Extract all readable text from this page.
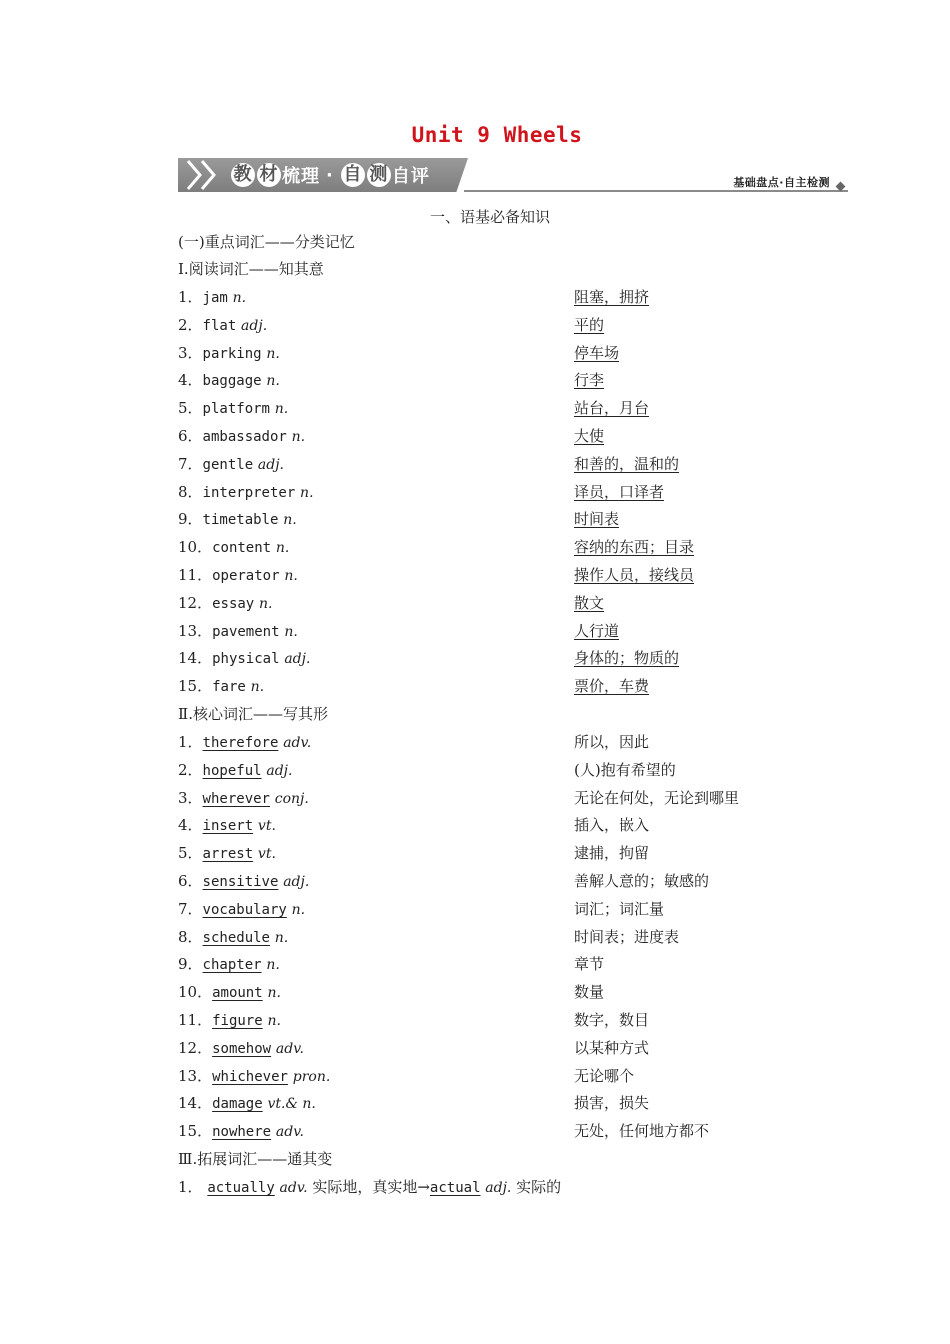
Unit 9 Wheels
教 材 梳理 · 自 测 自评	基础盘点·自主检测
一、语基必备知识
(一)重点词汇——分类记忆
Ⅰ.阅读词汇——知其意
1．jam n.	阻塞，拥挤
2．flat adj.	平的
3．parking n.	停车场
4．baggage n.	行李
5．platform n.	站台，月台
6．ambassador n.	大使
7．gentle adj.	和善的，温和的
8．interpreter n.	译员，口译者
9．timetable n.	时间表
10．content n.	容纳的东西；目录
11．operator n.	操作人员，接线员
12．essay n.	散文
13．pavement n.	人行道
14．physical adj.	身体的；物质的
15．fare n.	票价，车费
Ⅱ.核心词汇——写其形
1．therefore adv.	所以，因此
2．hopeful adj.	(人)抱有希望的
3．wherever conj.	无论在何处，无论到哪里
4．insert vt.	插入，嵌入
5．arrest vt.	逮捕，拘留
6．sensitive adj.	善解人意的；敏感的
7．vocabulary n.	词汇；词汇量
8．schedule n.	时间表；进度表
9．chapter n.	章节
10．amount n.	数量
11．figure n.	数字，数目
12．somehow adv.	以某种方式
13．whichever pron.	无论哪个
14．damage vt.& n.	损害，损失
15．nowhere adv.	无处，任何地方都不
Ⅲ.拓展词汇——通其变
1． actually adv. 实际地，真实地→actual adj. 实际的
